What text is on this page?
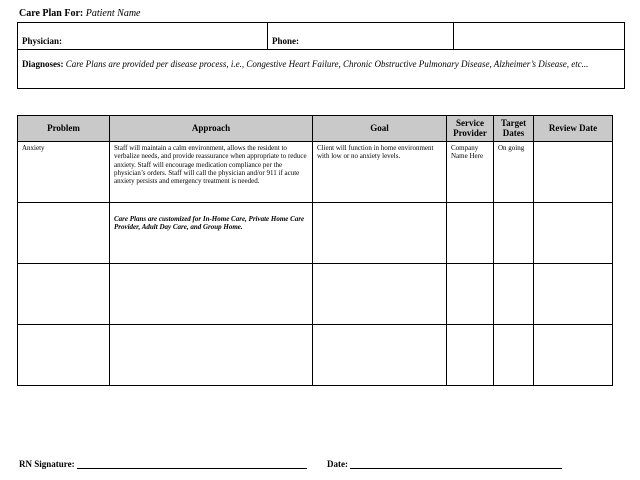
Care Plan For: Patient Name
Physician:	Phone:
Diagnoses: Care Plans are provided per disease process, i.e., Congestive Heart Failure, Chronic Obstructive Pulmonary Disease, Alzheimer’s Disease, etc...
Problem	Approach	Goal	Service Provider	Target Dates	Review Date
Anxiety	Staff will maintain a calm environment, allows the resident to verbalize needs, and provide reassurance when appropriate to reduce anxiety. Staff will encourage medication compliance per the physician’s orders. Staff will call the physician and/or 911 if acute anxiety persists and emergency treatment is needed.	Client will function in home environment with low or no anxiety levels.	Company Name Here	On going	

	Care Plans are customized for In-Home Care, Private Home Care Provider, Adult Day Care, and Group Home.				

RN Signature:	Date:
